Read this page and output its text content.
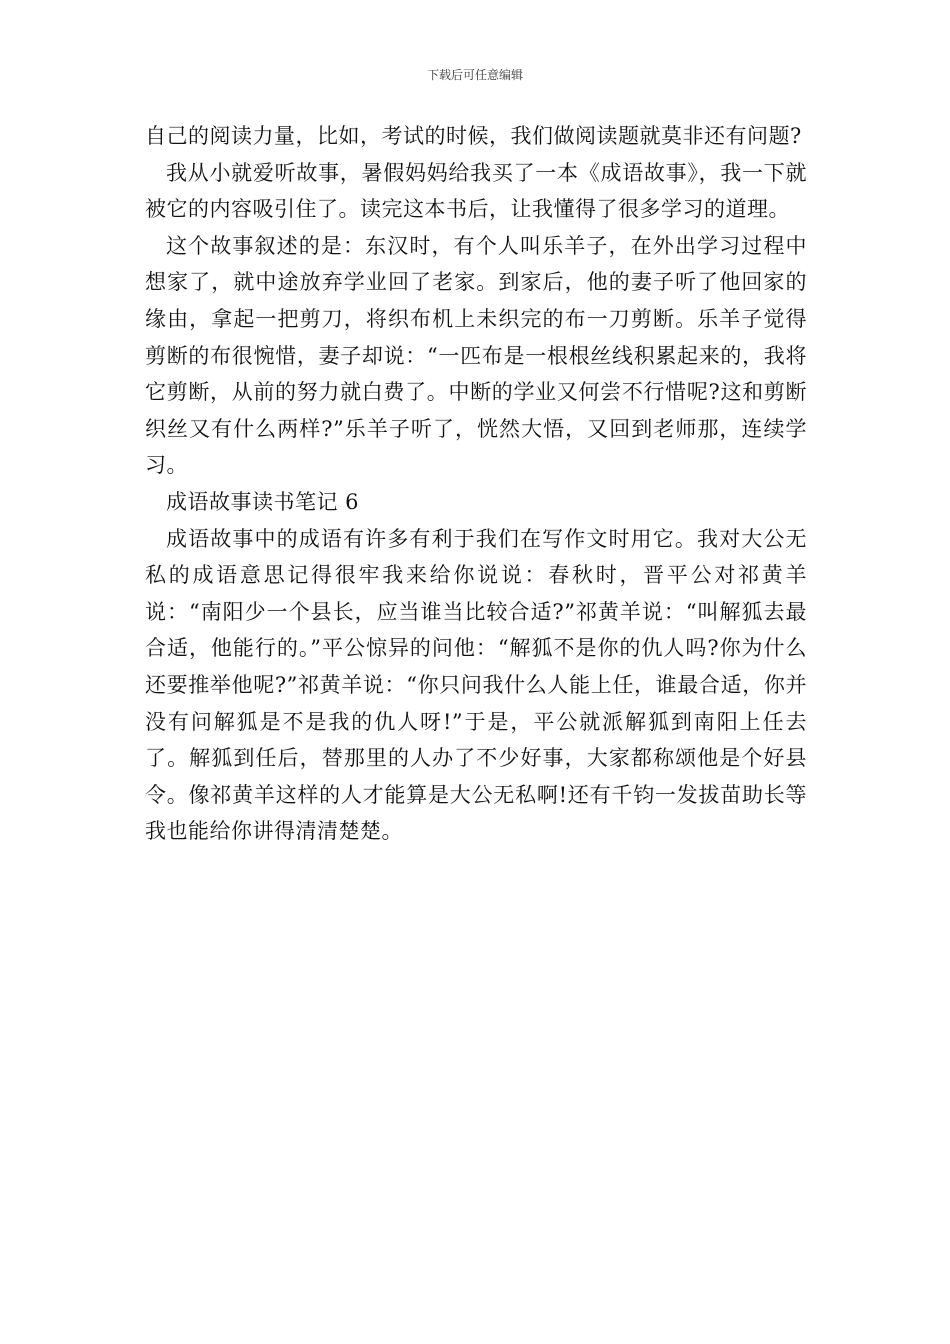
下载后可任意编辑

自己的阅读力量，比如，考试的时候，我们做阅读题就莫非还有问题?

我从小就爱听故事，暑假妈妈给我买了一本《成语故事》，我一下就被它的内容吸引住了。读完这本书后，让我懂得了很多学习的道理。

这个故事叙述的是：东汉时，有个人叫乐羊子，在外出学习过程中想家了，就中途放弃学业回了老家。到家后，他的妻子听了他回家的缘由，拿起一把剪刀，将织布机上未织完的布一刀剪断。乐羊子觉得剪断的布很惋惜，妻子却说：“一匹布是一根根丝线积累起来的，我将它剪断，从前的努力就白费了。中断的学业又何尝不行惜呢?这和剪断织丝又有什么两样?”乐羊子听了，恍然大悟，又回到老师那，连续学习。

成语故事读书笔记 6

成语故事中的成语有许多有利于我们在写作文时用它。我对大公无私的成语意思记得很牢我来给你说说：春秋时，晋平公对祁黄羊说：“南阳少一个县长，应当谁当比较合适?”祁黄羊说：“叫解狐去最合适，他能行的。”平公惊异的问他：“解狐不是你的仇人吗?你为什么还要推举他呢?”祁黄羊说：“你只问我什么人能上任，谁最合适，你并没有问解狐是不是我的仇人呀!”于是，平公就派解狐到南阳上任去了。解狐到任后，替那里的人办了不少好事，大家都称颂他是个好县令。像祁黄羊这样的人才能算是大公无私啊!还有千钧一发拔苗助长等我也能给你讲得清清楚楚。
